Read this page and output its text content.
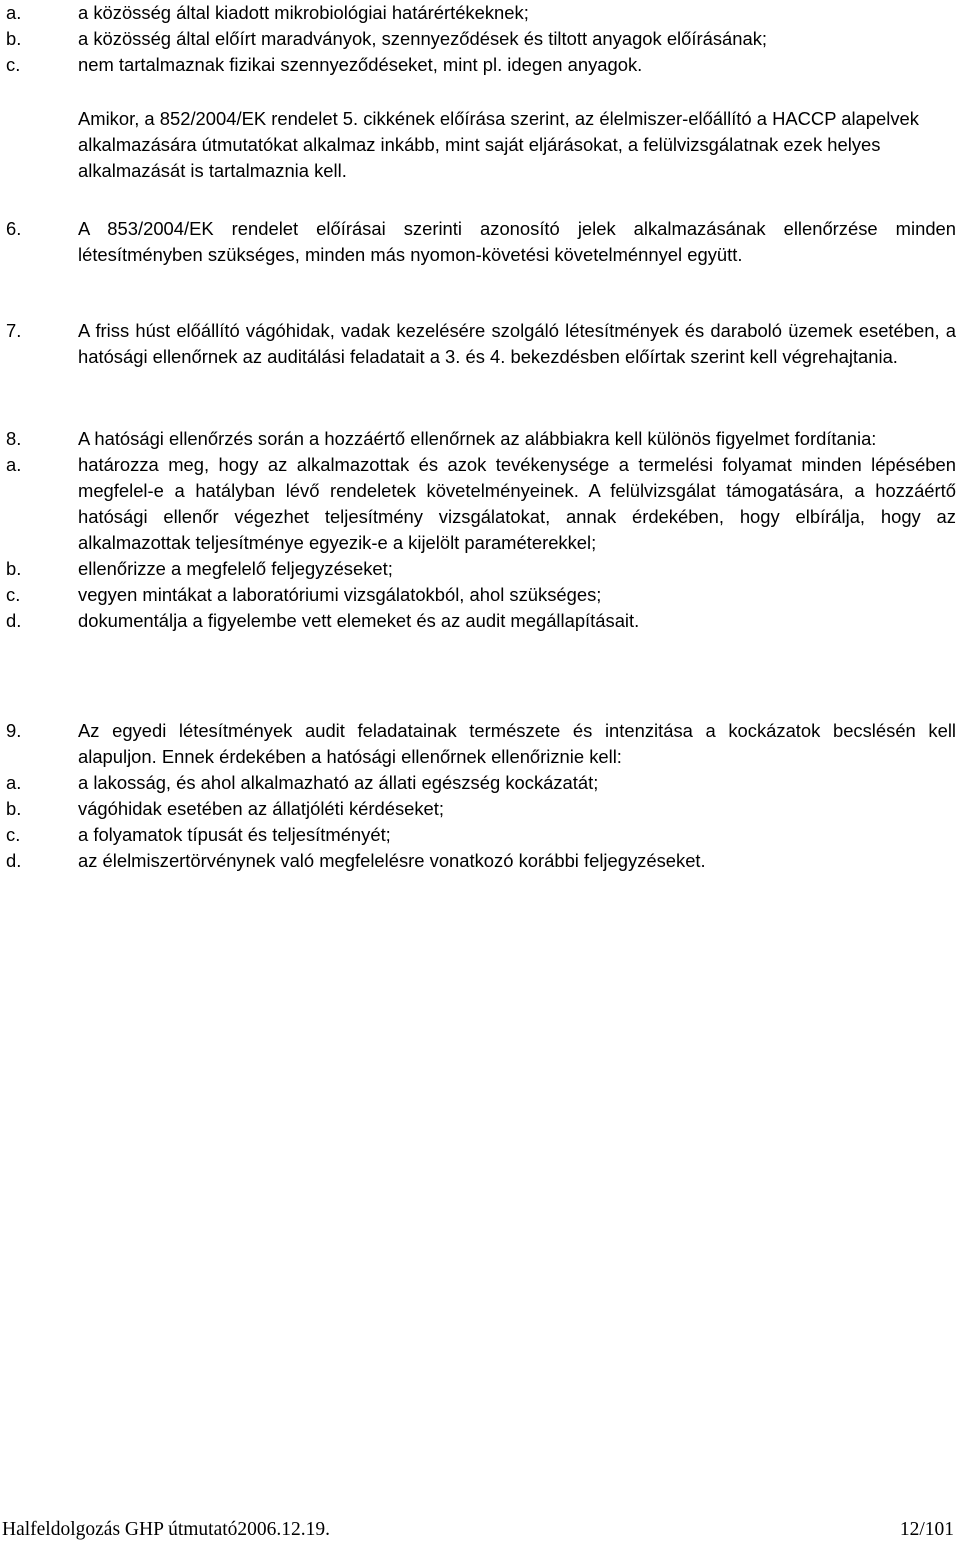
a.	a közösség által kiadott mikrobiológiai határértékeknek;
b.	a közösség által előírt maradványok, szennyeződések és tiltott anyagok előírásának;
c.	nem tartalmaznak fizikai szennyeződéseket, mint pl. idegen anyagok.
Amikor, a 852/2004/EK rendelet 5. cikkének előírása szerint, az élelmiszer-előállító a HACCP alapelvek alkalmazására útmutatókat alkalmaz inkább, mint saját eljárásokat, a felülvizsgálatnak ezek helyes alkalmazását is tartalmaznia kell.
6.	A 853/2004/EK rendelet előírásai szerinti azonosító jelek alkalmazásának ellenőrzése minden létesítményben szükséges, minden más nyomon-követési követelménnyel együtt.
7.	A friss húst előállító vágóhidak, vadak kezelésére szolgáló létesítmények és daraboló üzemek esetében, a hatósági ellenőrnek az auditálási feladatait a 3. és 4. bekezdésben előírtak szerint kell végrehajtania.
8.	A hatósági ellenőrzés során a hozzáértő ellenőrnek az alábbiakra kell különös figyelmet fordítania:
a.	határozza meg, hogy az alkalmazottak és azok tevékenysége a termelési folyamat minden lépésében megfelel-e a hatályban lévő rendeletek követelményeinek. A felülvizsgálat támogatására, a hozzáértő hatósági ellenőr végezhet teljesítmény vizsgálatokat, annak érdekében, hogy elbírálja, hogy az alkalmazottak teljesítménye egyezik-e a kijelölt paraméterekkel;
b.	ellenőrizze a megfelelő feljegyzéseket;
c.	vegyen mintákat a laboratóriumi vizsgálatokból, ahol szükséges;
d.	dokumentálja a figyelembe vett elemeket és az audit megállapításait.
9.	Az egyedi létesítmények audit feladatainak természete és intenzitása a kockázatok becslésén kell alapuljon. Ennek érdekében a hatósági ellenőrnek ellenőriznie kell:
a.	a lakosság, és ahol alkalmazható az állati egészség kockázatát;
b.	vágóhidak esetében az állatjóléti kérdéseket;
c.	a folyamatok típusát és teljesítményét;
d.	az élelmiszertörvénynek való megfelelésre vonatkozó korábbi feljegyzéseket.
Halfeldolgozás GHP útmutató2006.12.19.	12/101
